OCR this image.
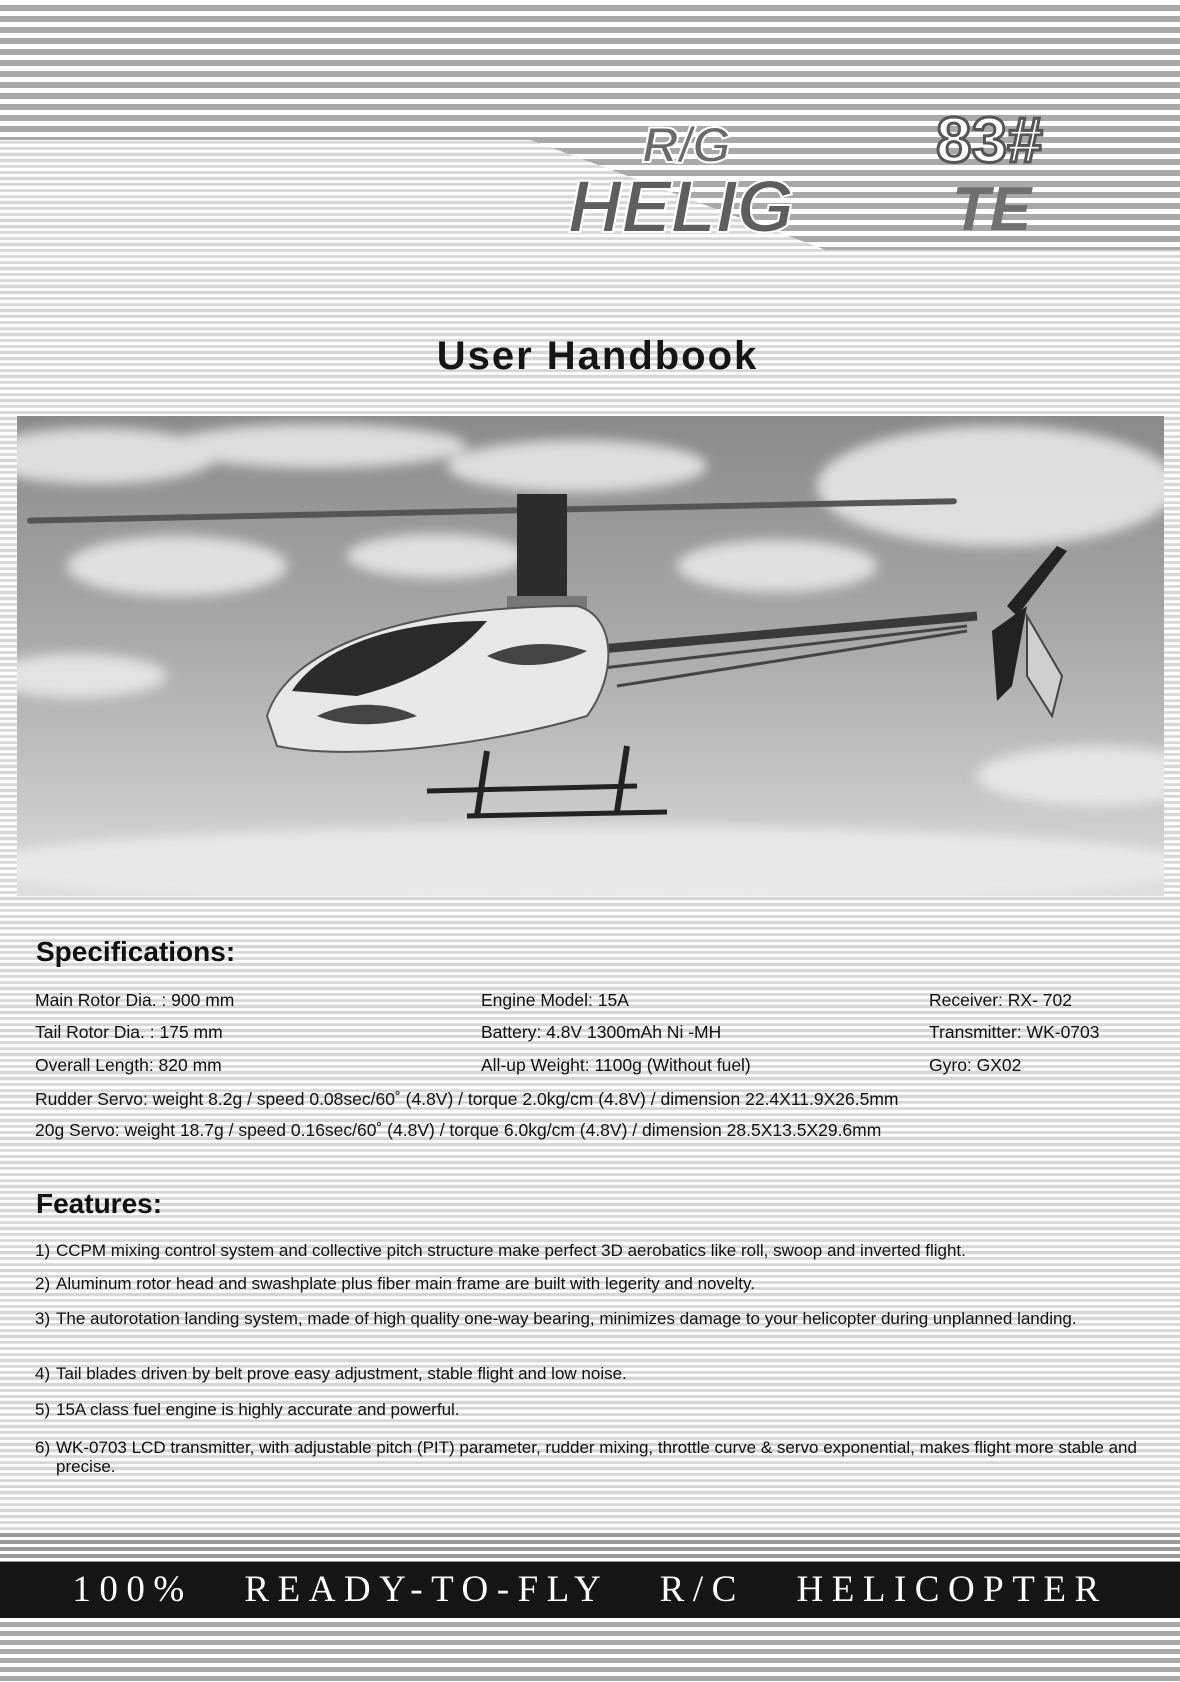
R/G
HELIG
83#
TE
User Handbook
Specifications:
Main Rotor Dia. : 900 mm
Tail Rotor Dia. : 175 mm
Overall Length: 820 mm
Engine Model: 15A
Battery: 4.8V 1300mAh Ni -MH
All-up Weight: 1100g (Without fuel)
Receiver: RX- 702
Transmitter: WK-0703
Gyro: GX02
Rudder Servo: weight 8.2g / speed 0.08sec/60˚ (4.8V) / torque 2.0kg/cm (4.8V) / dimension 22.4X11.9X26.5mm
20g Servo: weight 18.7g / speed 0.16sec/60˚ (4.8V) / torque 6.0kg/cm (4.8V) / dimension 28.5X13.5X29.6mm
Features:
1) CCPM mixing control system and collective pitch structure make perfect 3D aerobatics like roll, swoop and inverted flight.
2) Aluminum rotor head and swashplate plus fiber main frame are built with legerity and novelty.
3) The autorotation landing system, made of high quality one-way bearing, minimizes damage to your helicopter during unplanned landing.
4) Tail blades driven by belt prove easy adjustment, stable flight and low noise.
5) 15A class fuel engine is highly accurate and powerful.
6) WK-0703 LCD transmitter, with adjustable pitch (PIT) parameter, rudder mixing, throttle curve & servo exponential, makes flight more stable and precise.
100% READY-TO-FLY R/C HELICOPTER
